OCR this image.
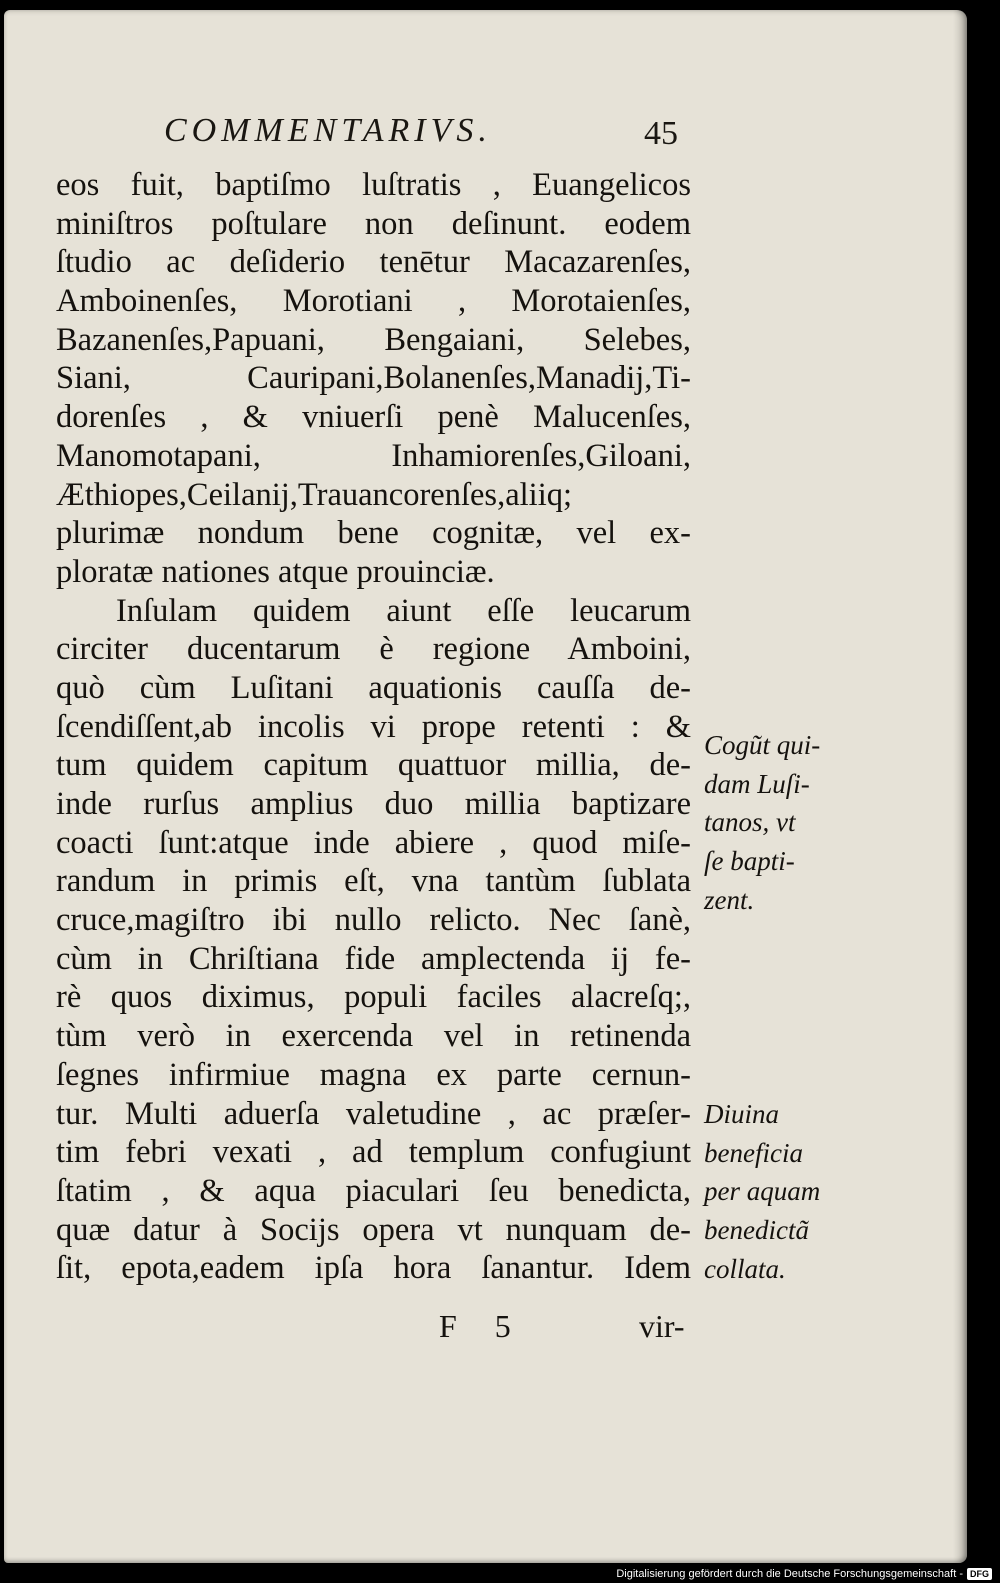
COMMENTARIVS.	45
eos fuit, baptiſmo luſtratis , Euangelicos
miniſtros poſtulare non deſinunt. eodem
ſtudio ac deſiderio tenētur Macazarenſes,
Amboinenſes, Morotiani , Morotaienſes,
Bazanenſes,Papuani, Bengaiani, Selebes,
Siani, Cauripani,Bolanenſes,Manadij,Ti-
dorenſes , & vniuerſi penè Malucenſes,
Manomotapani, Inhamiorenſes,Giloani,
Æthiopes,Ceilanij,Trauancorenſes,aliiq;
plurimæ nondum bene cognitæ, vel ex-
ploratæ nationes atque prouinciæ.
Inſulam quidem aiunt eſſe leucarum
circiter ducentarum è regione Amboini,
quò cùm Luſitani aquationis cauſſa de-
ſcendiſſent,ab incolis vi prope retenti : &
tum quidem capitum quattuor millia, de-
inde rurſus amplius duo millia baptizare
coacti ſunt:atque inde abiere , quod miſe-
randum in primis eſt, vna tantùm ſublata
cruce,magiſtro ibi nullo relicto. Nec ſanè,
cùm in Chriſtiana fide amplectenda ij fe-
rè quos diximus, populi faciles alacreſq;,
tùm verò in exercenda vel in retinenda
ſegnes infirmiue magna ex parte cernun-
tur. Multi aduerſa valetudine , ac præſer-
tim febri vexati , ad templum confugiunt
ſtatim , & aqua piaculari ſeu benedicta,
quæ datur à Socijs opera vt nunquam de-
ſit, epota,eadem ipſa hora ſanantur. Idem
Cogũt qui-
dam Luſi-
tanos, vt
ſe bapti-
zent.
Diuina
beneficia
per aquam
benedictã
collata.
F 5	vir-
Digitalisierung gefördert durch die Deutsche Forschungsgemeinschaft - DFG
